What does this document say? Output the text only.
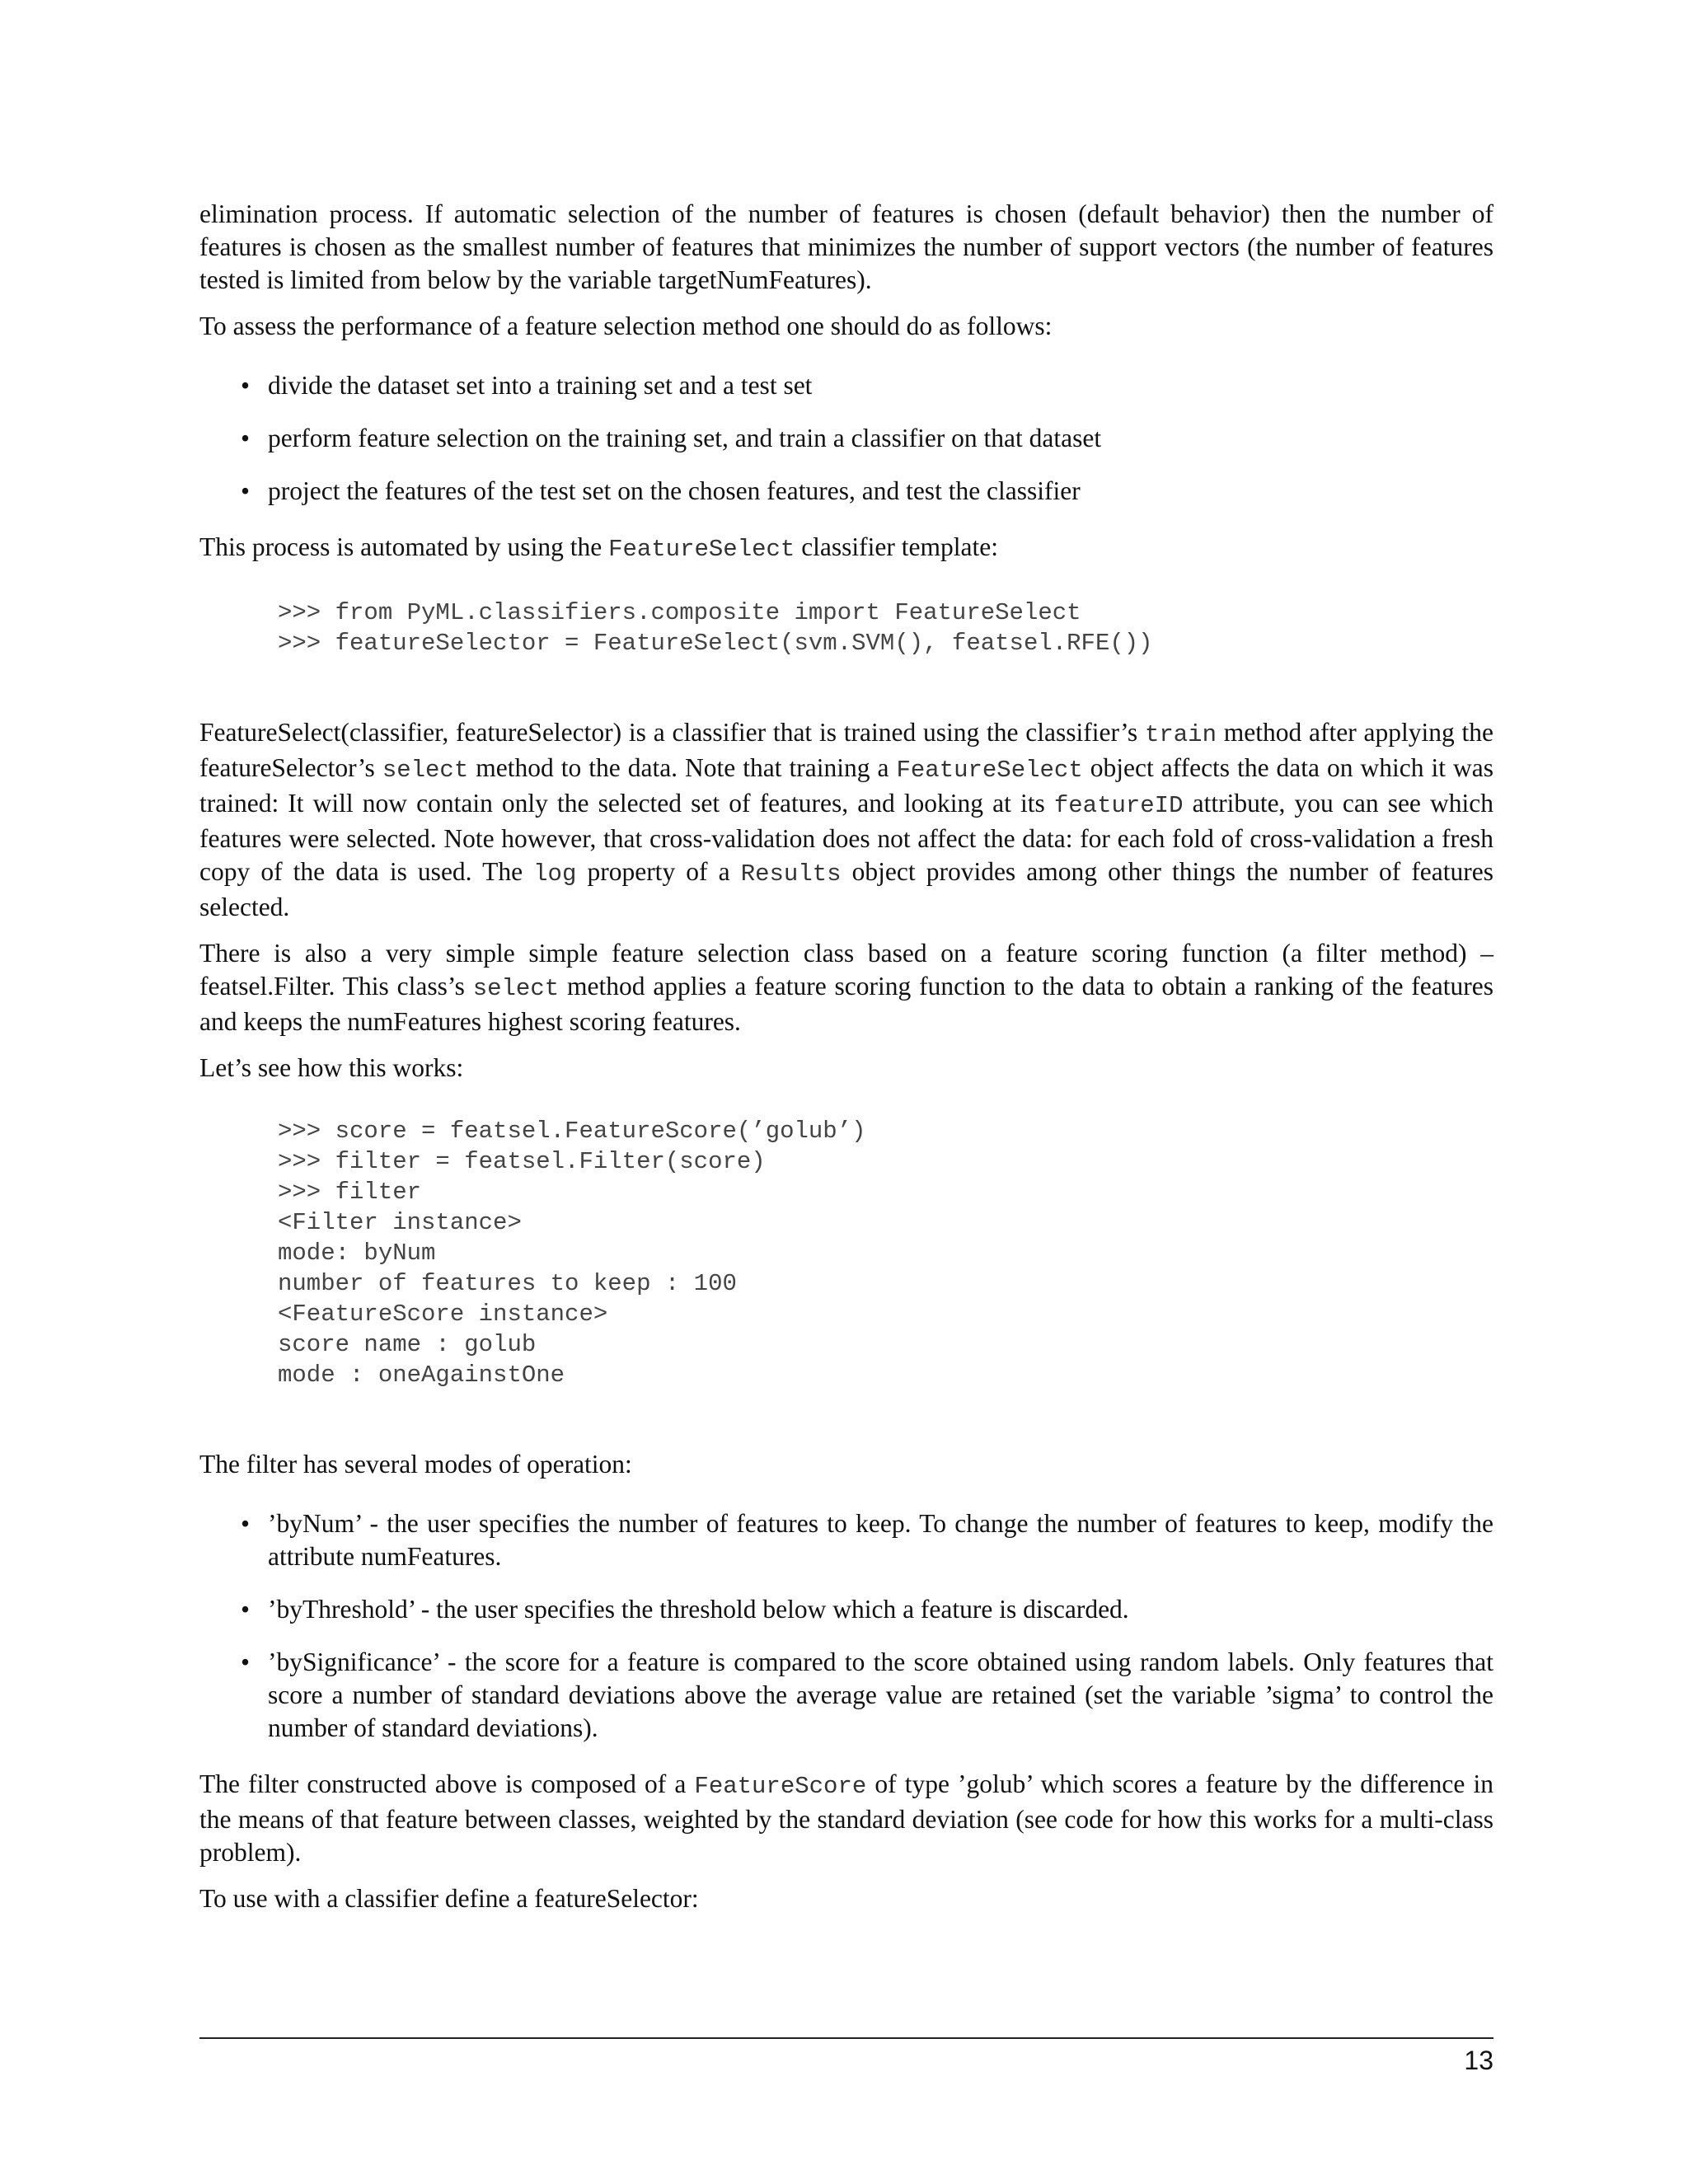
elimination process. If automatic selection of the number of features is chosen (default behavior) then the number of features is chosen as the smallest number of features that minimizes the number of support vectors (the number of features tested is limited from below by the variable targetNumFeatures).

To assess the performance of a feature selection method one should do as follows:

• divide the dataset set into a training set and a test set
• perform feature selection on the training set, and train a classifier on that dataset
• project the features of the test set on the chosen features, and test the classifier

This process is automated by using the FeatureSelect classifier template:

>>> from PyML.classifiers.composite import FeatureSelect
>>> featureSelector = FeatureSelect(svm.SVM(), featsel.RFE())

FeatureSelect(classifier, featureSelector) is a classifier that is trained using the classifier’s train method after applying the featureSelector’s select method to the data. Note that training a FeatureSelect object affects the data on which it was trained: It will now contain only the selected set of features, and looking at its featureID attribute, you can see which features were selected. Note however, that cross-validation does not affect the data: for each fold of cross-validation a fresh copy of the data is used. The log property of a Results object provides among other things the number of features selected.

There is also a very simple simple feature selection class based on a feature scoring function (a filter method) – featsel.Filter. This class’s select method applies a feature scoring function to the data to obtain a ranking of the features and keeps the numFeatures highest scoring features.

Let’s see how this works:

>>> score = featsel.FeatureScore(’golub’)
>>> filter = featsel.Filter(score)
>>> filter
<Filter instance>
mode: byNum
number of features to keep : 100
<FeatureScore instance>
score name : golub
mode : oneAgainstOne

The filter has several modes of operation:

• ’byNum’ - the user specifies the number of features to keep. To change the number of features to keep, modify the attribute numFeatures.
• ’byThreshold’ - the user specifies the threshold below which a feature is discarded.
• ’bySignificance’ - the score for a feature is compared to the score obtained using random labels. Only features that score a number of standard deviations above the average value are retained (set the variable ’sigma’ to control the number of standard deviations).

The filter constructed above is composed of a FeatureScore of type ’golub’ which scores a feature by the difference in the means of that feature between classes, weighted by the standard deviation (see code for how this works for a multi-class problem).

To use with a classifier define a featureSelector:

13
